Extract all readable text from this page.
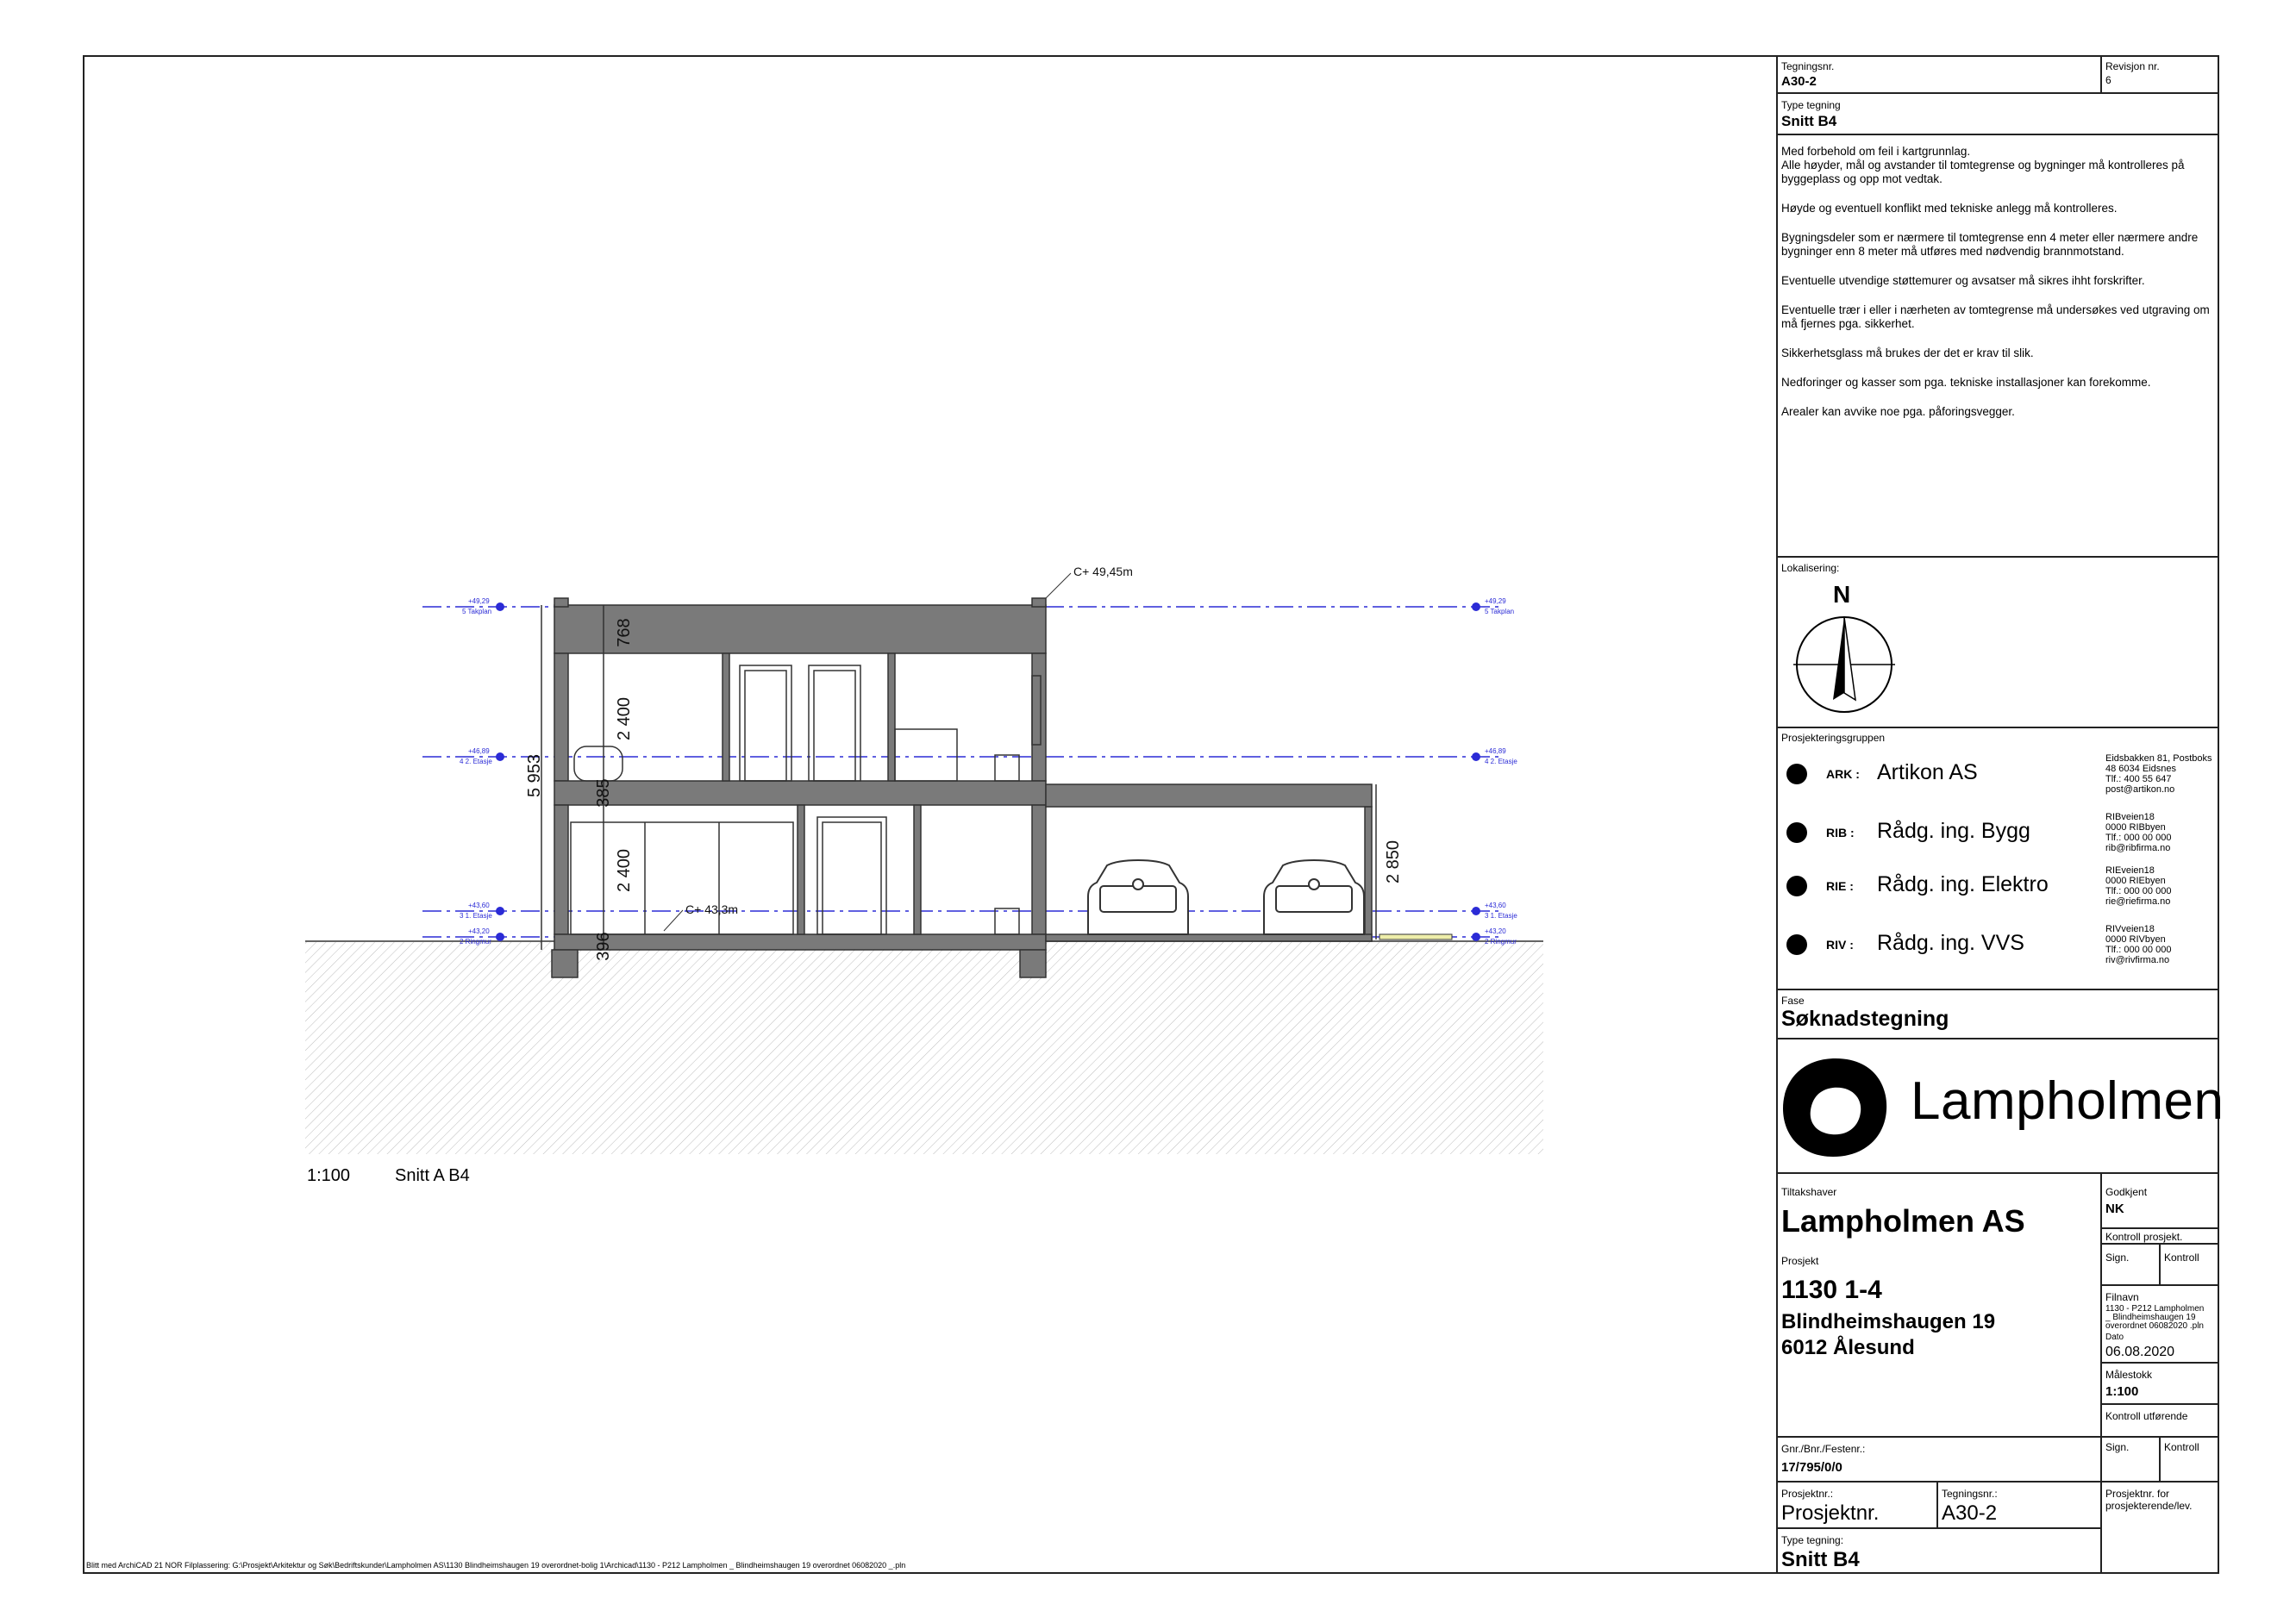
768
2 400
385
2 400
396
5 953
2 850
C+ 49,45m
C+ 43,3m
+49,29
5 Takplan
+46,89
4 2. Etasje
+43,60
3 1. Etasje
+43,20
2 Ringmur
+49,29
5 Takplan
+46,89
4 2. Etasje
+43,60
3 1. Etasje
+43,20
2 Ringmur
1:100	Snitt A B4
Blitt med ArchiCAD 21 NOR Filplassering: G:\Prosjekt\Arkitektur og Søk\Bedriftskunder\Lampholmen AS\1130 Blindheimshaugen 19 overordnet-bolig 1\Archicad\1130 - P212 Lampholmen _ Blindheimshaugen 19 overordnet 06082020 _.pln
Tegningsnr.
A30-2
Revisjon nr.
6
Type tegning
Snitt B4

Med forbehold om feil i kartgrunnlag.
Alle høyder, mål og avstander til tomtegrense og bygninger må kontrolleres på byggeplass og opp mot vedtak.

Høyde og eventuell konflikt med tekniske anlegg må kontrolleres.

Bygningsdeler som er nærmere til tomtegrense enn 4 meter eller nærmere andre bygninger enn 8 meter må utføres med nødvendig brannmotstand.

Eventuelle utvendige støttemurer og avsatser må sikres ihht forskrifter.

Eventuelle trær i eller i nærheten av tomtegrense må undersøkes ved utgraving om må fjernes pga. sikkerhet.

Sikkerhetsglass må brukes der det er krav til slik.

Nedforinger og kasser som pga. tekniske installasjoner kan forekomme.

Arealer kan avvike noe pga. påforingsvegger.

Lokalisering:
N
Prosjekteringsgruppen
ARK : Artikon AS
Eidsbakken 81, Postboks
48 6034 Eidsnes
Tlf.: 400 55 647
post@artikon.no
RIB : Rådg. ing. Bygg
RIBveien18
0000 RIBbyen
Tlf.: 000 00 000
rib@ribfirma.no
RIE : Rådg. ing. Elektro
RIEveien18
0000 RIEbyen
Tlf.: 000 00 000
rie@riefirma.no
RIV : Rådg. ing. VVS
RIVveien18
0000 RIVbyen
Tlf.: 000 00 000
riv@rivfirma.no
Fase
Søknadstegning
Lampholmen
Tiltakshaver
Lampholmen AS
Prosjekt
1130 1-4
Blindheimshaugen 19
6012 Ålesund
Godkjent
NK
Kontroll prosjekt.
Sign.	Kontroll
Filnavn
1130 - P212 Lampholmen
_ Blindheimshaugen 19
overordnet 06082020 .pln
Dato
06.08.2020
Målestokk
1:100
Kontroll utførende
Sign.	Kontroll
Gnr./Bnr./Festenr.:
17/795/0/0
Prosjektnr.:
Prosjektnr.
Tegningsnr.:
A30-2
Prosjektnr. for prosjekterende/lev.
Type tegning:
Snitt B4
